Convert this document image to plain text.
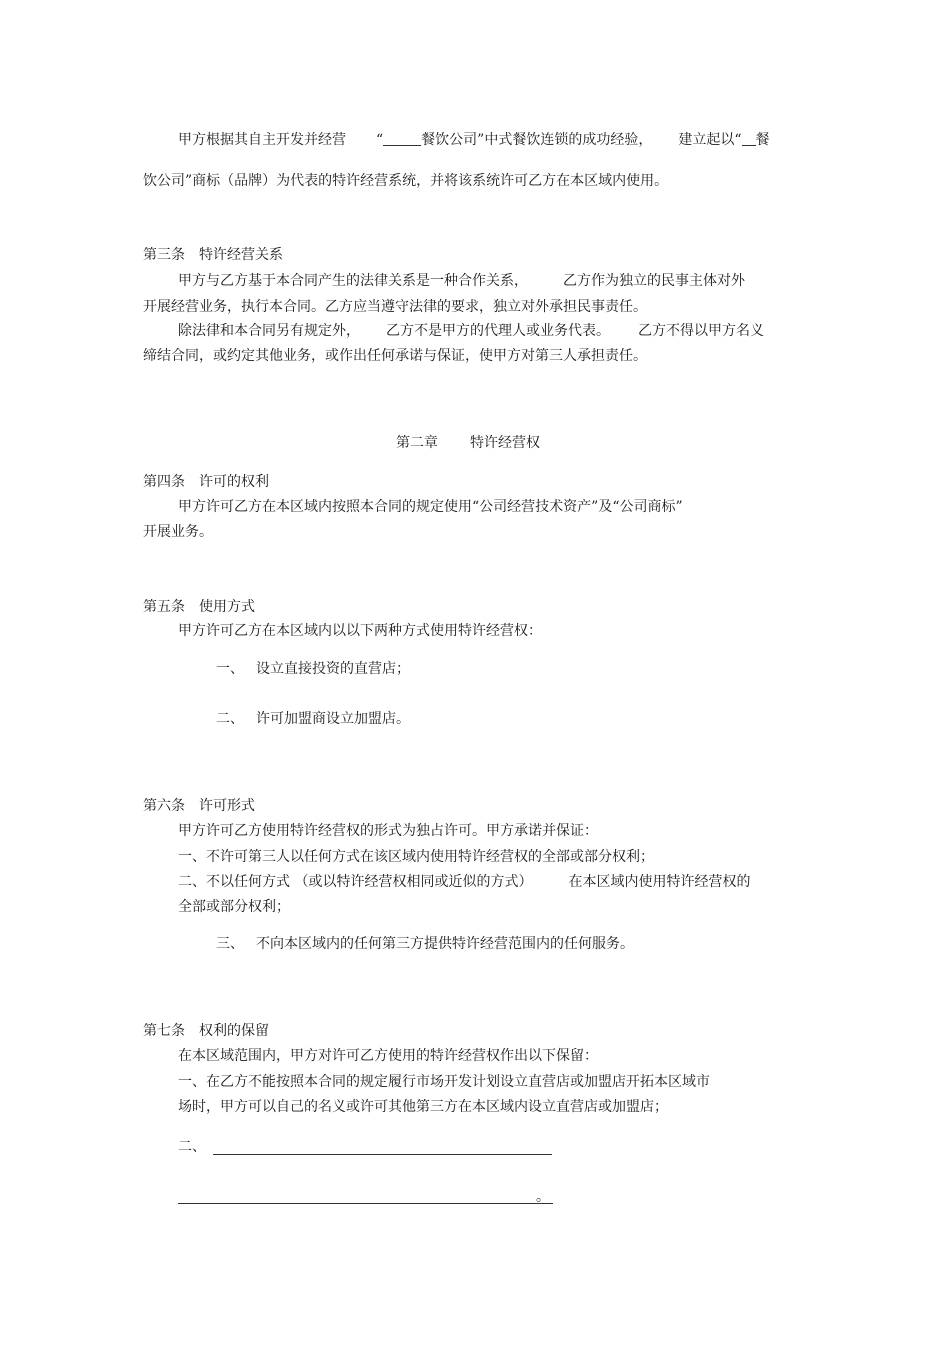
甲方根据其自主开发并经营 “	餐饮公司”中式餐饮连锁的成功经验， 建立起以“ 餐
饮公司”商标（品牌）为代表的特许经营系统，并将该系统许可乙方在本区域内使用。
第三条　特许经营关系
甲方与乙方基于本合同产生的法律关系是一种合作关系，	乙方作为独立的民事主体对外
开展经营业务，执行本合同。乙方应当遵守法律的要求，独立对外承担民事责任。
除法律和本合同另有规定外， 乙方不是甲方的代理人或业务代表。 乙方不得以甲方名义
缔结合同，或约定其他业务，或作出任何承诺与保证，使甲方对第三人承担责任。
第二章 特许经营权
第四条　许可的权利
甲方许可乙方在本区域内按照本合同的规定使用“公司经营技术资产”及“公司商标”
开展业务。
第五条　使用方式
甲方许可乙方在本区域内以以下两种方式使用特许经营权：
一、 设立直接投资的直营店；
二、 许可加盟商设立加盟店。
第六条　许可形式
甲方许可乙方使用特许经营权的形式为独占许可。甲方承诺并保证：
一、不许可第三人以任何方式在该区域内使用特许经营权的全部或部分权利；
二、不以任何方式 （或以特许经营权相同或近似的方式）	在本区域内使用特许经营权的
全部或部分权利；
三、 不向本区域内的任何第三方提供特许经营范围内的任何服务。
第七条　权利的保留
在本区域范围内，甲方对许可乙方使用的特许经营权作出以下保留：
一、在乙方不能按照本合同的规定履行市场开发计划设立直营店或加盟店开拓本区域市
场时，甲方可以自己的名义或许可其他第三方在本区域内设立直营店或加盟店；
二、
。
